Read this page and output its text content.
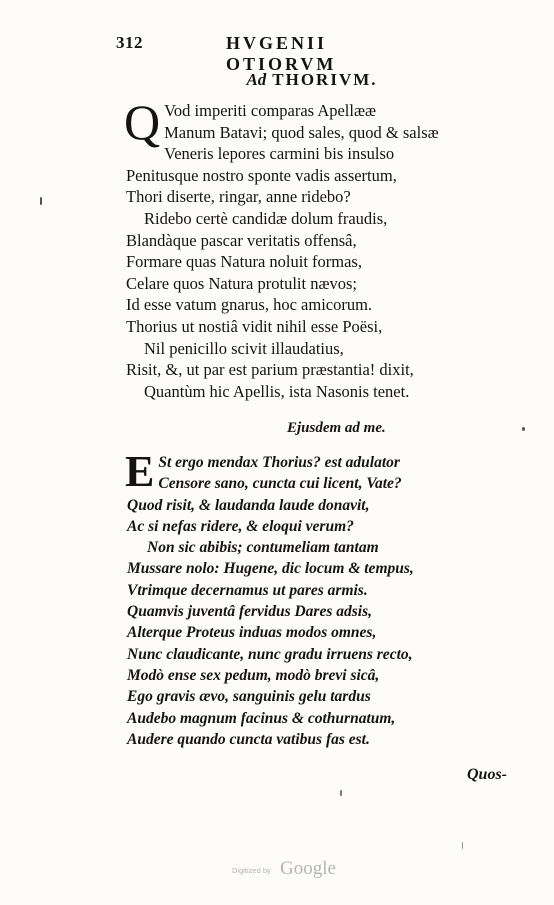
312	HVGENII OTIORVM
Ad THORIVM.
Q Vod imperiti comparas Apellææ
Manum Batavi; quod sales, quod & salsæ
Veneris lepores carmini bis insulso
Penitusque nostro sponte vadis assertum,
Thori diserte, ringar, anne ridebo?
Ridebo certè candidæ dolum fraudis,
Blandàque pascar veritatis offensâ,
Formare quas Natura noluit formas,
Celare quos Natura protulit nævos;
Id esse vatum gnarus, hoc amicorum.
Thorius ut nostiâ vidit nihil esse Poësi,
Nil penicillo scivit illaudatius,
Risit, &, ut par est parium præstantia! dixit,
Quantùm hic Apellis, ista Nasonis tenet.
Ejusdem ad me.
E St ergo mendax Thorius? est adulator
Censore sano, cuncta cui licent, Vate?
Quod risit, & laudanda laude donavit,
Ac si nefas ridere, & eloqui verum?
Non sic abibis; contumeliam tantam
Mussare nolo: Hugene, dic locum & tempus,
Vtrimque decernamus ut pares armis.
Quamvis juventâ fervidus Dares adsis,
Alterque Proteus induas modos omnes,
Nunc claudicante, nunc gradu irruens recto,
Modò ense sex pedum, modò brevi sicâ,
Ego gravis ævo, sanguinis gelu tardus
Audebo magnum facinus & cothurnatum,
Audere quando cuncta vatibus fas est.
Quos-
Digitized by Google
